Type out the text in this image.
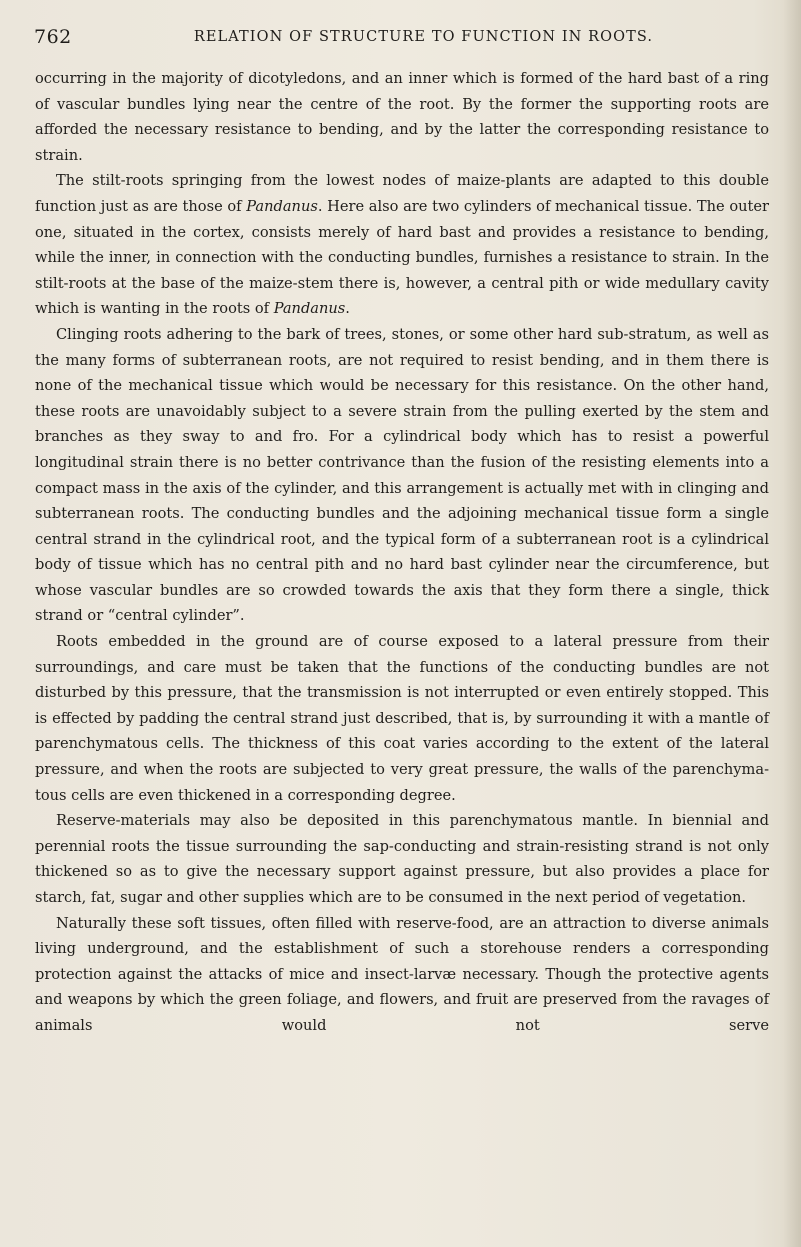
762	RELATION OF STRUCTURE TO FUNCTION IN ROOTS.

occurring in the majority of dicotyledons, and an inner which is formed of the hard bast of a ring of vascular bundles lying near the centre of the root. By the former the supporting roots are afforded the necessary resistance to bending, and by the latter the corresponding resistance to strain.

The stilt-roots springing from the lowest nodes of maize-plants are adapted to this double function just as are those of Pandanus. Here also are two cylinders of mechanical tissue. The outer one, situated in the cortex, consists merely of hard bast and provides a resistance to bending, while the inner, in connection with the conducting bundles, furnishes a resistance to strain. In the stilt-roots at the base of the maize-stem there is, however, a central pith or wide medullary cavity which is wanting in the roots of Pandanus.

Clinging roots adhering to the bark of trees, stones, or some other hard sub-stratum, as well as the many forms of subterranean roots, are not required to resist bending, and in them there is none of the mechanical tissue which would be necessary for this resistance. On the other hand, these roots are unavoidably subject to a severe strain from the pulling exerted by the stem and branches as they sway to and fro. For a cylindrical body which has to resist a powerful longitudinal strain there is no better contrivance than the fusion of the resisting elements into a compact mass in the axis of the cylinder, and this arrangement is actually met with in clinging and subterranean roots. The conducting bundles and the adjoining mechanical tissue form a single central strand in the cylindrical root, and the typical form of a subterranean root is a cylindrical body of tissue which has no central pith and no hard bast cylinder near the circumference, but whose vascular bundles are so crowded towards the axis that they form there a single, thick strand or “central cylinder”.

Roots embedded in the ground are of course exposed to a lateral pressure from their surroundings, and care must be taken that the functions of the conducting bundles are not disturbed by this pressure, that the transmission is not interrupted or even entirely stopped. This is effected by padding the central strand just described, that is, by surrounding it with a mantle of parenchymatous cells. The thickness of this coat varies according to the extent of the lateral pressure, and when the roots are subjected to very great pressure, the walls of the parenchyma-tous cells are even thickened in a corresponding degree.

Reserve-materials may also be deposited in this parenchymatous mantle. In biennial and perennial roots the tissue surrounding the sap-conducting and strain-resisting strand is not only thickened so as to give the necessary support against pressure, but also provides a place for starch, fat, sugar and other supplies which are to be consumed in the next period of vegetation.

Naturally these soft tissues, often filled with reserve-food, are an attraction to diverse animals living underground, and the establishment of such a storehouse renders a corresponding protection against the attacks of mice and insect-larvæ necessary. Though the protective agents and weapons by which the green foliage, and flowers, and fruit are preserved from the ravages of animals would not serve
